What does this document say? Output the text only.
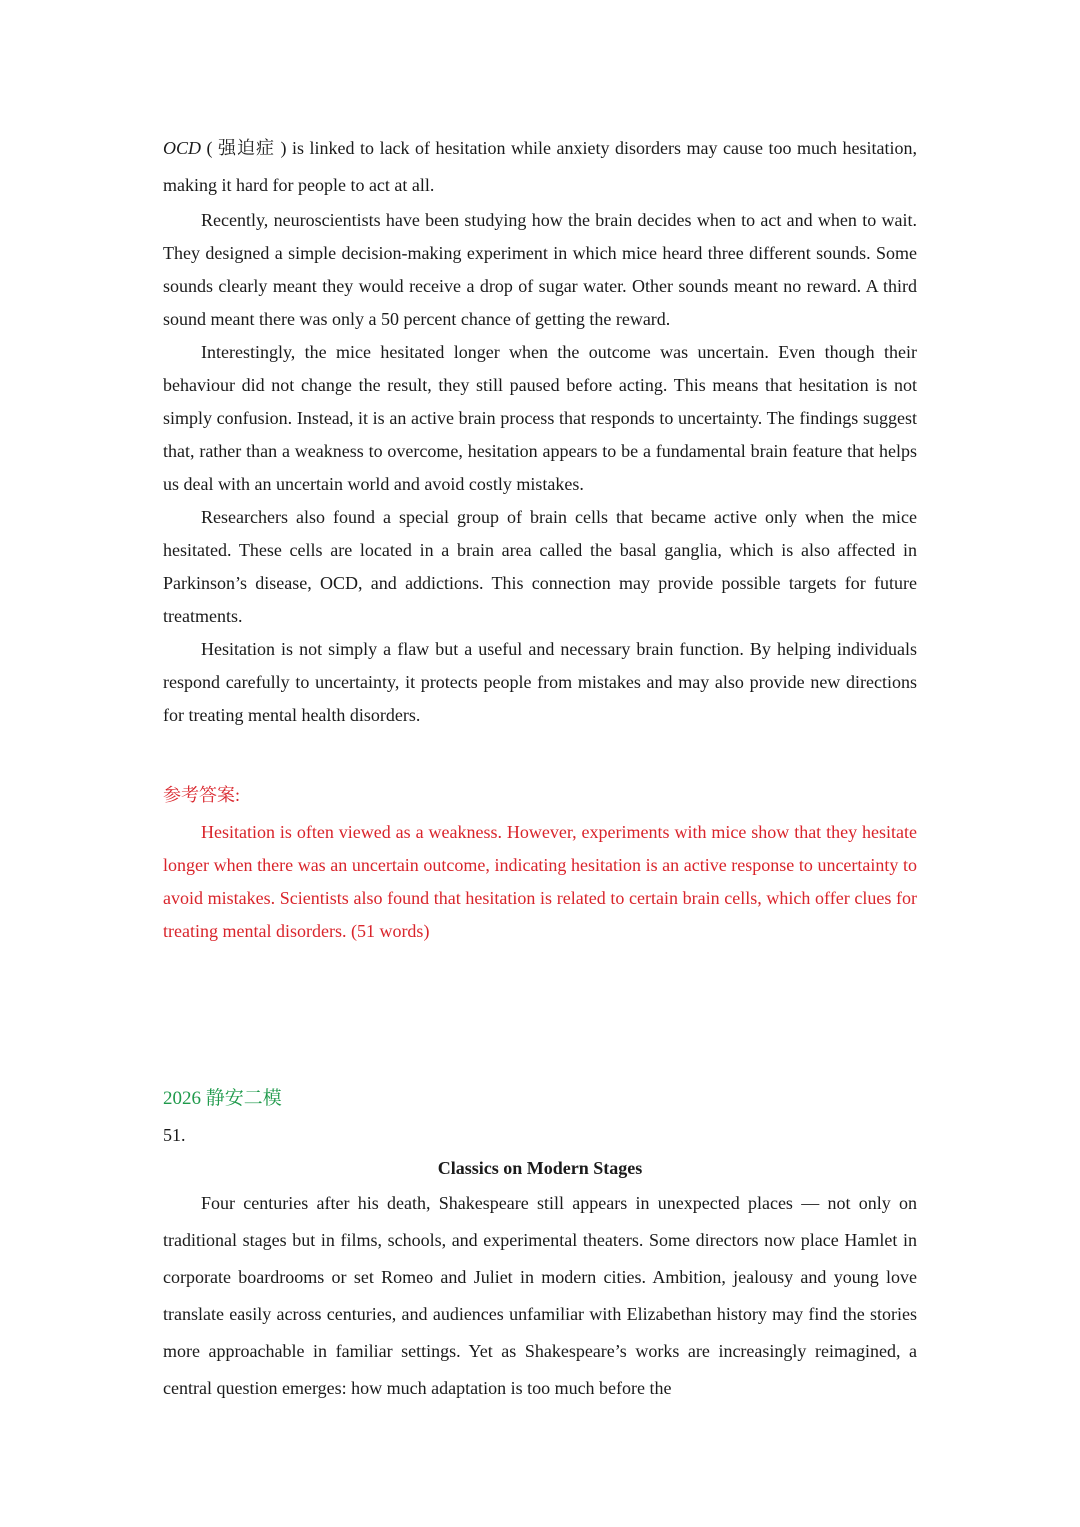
OCD ( 强迫症 ) is linked to lack of hesitation while anxiety disorders may cause too much hesitation, making it hard for people to act at all.

Recently, neuroscientists have been studying how the brain decides when to act and when to wait. They designed a simple decision-making experiment in which mice heard three different sounds. Some sounds clearly meant they would receive a drop of sugar water. Other sounds meant no reward. A third sound meant there was only a 50 percent chance of getting the reward.

Interestingly, the mice hesitated longer when the outcome was uncertain. Even though their behaviour did not change the result, they still paused before acting. This means that hesitation is not simply confusion. Instead, it is an active brain process that responds to uncertainty. The findings suggest that, rather than a weakness to overcome, hesitation appears to be a fundamental brain feature that helps us deal with an uncertain world and avoid costly mistakes.

Researchers also found a special group of brain cells that became active only when the mice hesitated. These cells are located in a brain area called the basal ganglia, which is also affected in Parkinson’s disease, OCD, and addictions. This connection may provide possible targets for future treatments.

Hesitation is not simply a flaw but a useful and necessary brain function. By helping individuals respond carefully to uncertainty, it protects people from mistakes and may also provide new directions for treating mental health disorders.

参考答案:

Hesitation is often viewed as a weakness. However, experiments with mice show that they hesitate longer when there was an uncertain outcome, indicating hesitation is an active response to uncertainty to avoid mistakes. Scientists also found that hesitation is related to certain brain cells, which offer clues for treating mental disorders. (51 words)

2026 静安二模
51.
Classics on Modern Stages

Four centuries after his death, Shakespeare still appears in unexpected places — not only on traditional stages but in films, schools, and experimental theaters. Some directors now place Hamlet in corporate boardrooms or set Romeo and Juliet in modern cities. Ambition, jealousy and young love translate easily across centuries, and audiences unfamiliar with Elizabethan history may find the stories more approachable in familiar settings. Yet as Shakespeare’s works are increasingly reimagined, a central question emerges: how much adaptation is too much before the
